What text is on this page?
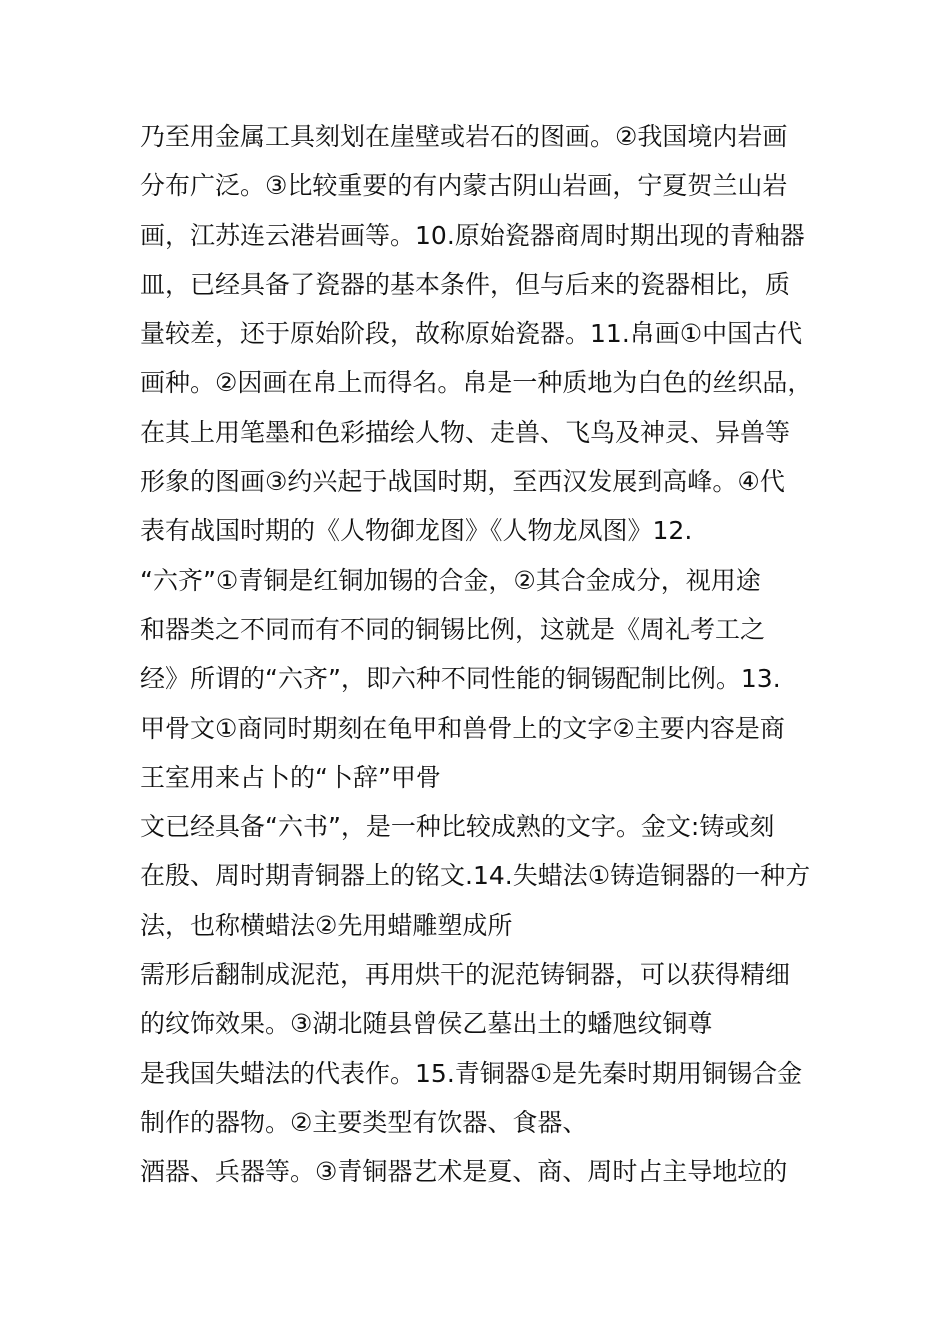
乃至用金属工具刻划在崖壁或岩石的图画。②我国境内岩画
分布广泛。③比较重要的有内蒙古阴山岩画，宁夏贺兰山岩
画，江苏连云港岩画等。10.原始瓷器商周时期出现的青釉器
皿，已经具备了瓷器的基本条件，但与后来的瓷器相比，质
量较差，还于原始阶段，故称原始瓷器。11.帛画①中国古代
画种。②因画在帛上而得名。帛是一种质地为白色的丝织品，
在其上用笔墨和色彩描绘人物、走兽、飞鸟及神灵、异兽等
形象的图画③约兴起于战国时期，至西汉发展到高峰。④代
表有战国时期的《人物御龙图》《人物龙凤图》12.
“六齐”①青铜是红铜加锡的合金，②其合金成分，视用途
和器类之不同而有不同的铜锡比例，这就是《周礼考工之
经》所谓的“六齐”，即六种不同性能的铜锡配制比例。13.
甲骨文①商同时期刻在龟甲和兽骨上的文字②主要内容是商
王室用来占卜的“卜辞”甲骨
文已经具备“六书”，是一种比较成熟的文字。金文:铸或刻
在殷、周时期青铜器上的铭文.14.失蜡法①铸造铜器的一种方
法，也称横蜡法②先用蜡雕塑成所
需形后翻制成泥范，再用烘干的泥范铸铜器，可以获得精细
的纹饰效果。③湖北随县曾侯乙墓出土的蟠虺纹铜尊
是我国失蜡法的代表作。15.青铜器①是先秦时期用铜锡合金
制作的器物。②主要类型有饮器、食器、
酒器、兵器等。③青铜器艺术是夏、商、周时占主导地垃的
